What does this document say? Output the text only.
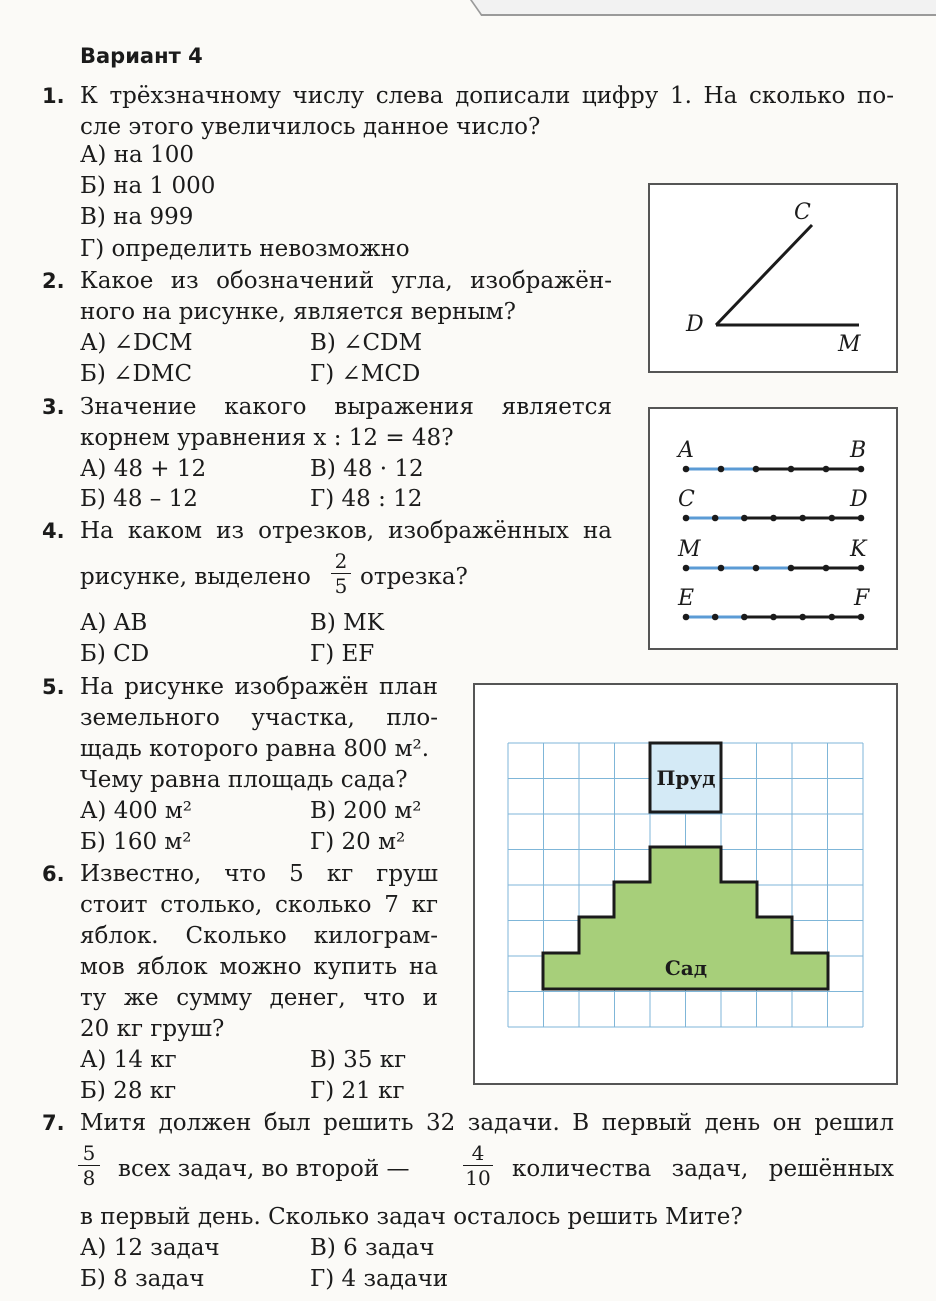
Вариант 4
1. К трёхзначному числу слева дописали цифру 1. На сколько по-
сле этого увеличилось данное число?
А) на 100
Б) на 1 000
В) на 999
Г) определить невозможно
2. Какое из обозначений угла, изображён-
ного на рисунке, является верным?
А) ∠DCM	В) ∠CDM
Б) ∠DMC	Г) ∠MCD
3. Значение какого выражения является
корнем уравнения x : 12 = 48?
А) 48 + 12	В) 48 · 12
Б) 48 – 12	Г) 48 : 12
4. На каком из отрезков, изображённых на
рисунке, выделено
2
5 отрезка?
А) AB	В) MK
Б) CD	Г) EF
5. На рисунке изображён план
земельного участка, пло-
щадь которого равна 800 м².
Чему равна площадь сада?
А) 400 м²	В) 200 м²
Б) 160 м²	Г) 20 м²
6. Известно, что 5 кг груш
стоит столько, сколько 7 кг
яблок. Сколько килограм-
мов яблок можно купить на
ту же сумму денег, что и
20 кг груш?
А) 14 кг	В) 35 кг
Б) 28 кг	Г) 21 кг
7. Митя должен был решить 32 задачи. В первый день он решил
5
8 всех задач, во второй —
4
10 количества задач, решённых
в первый день. Сколько задач осталось решить Мите?
А) 12 задач	В) 6 задач
Б) 8 задач	Г) 4 задачи
C
D
M
A	B
C	D
M	K
E	F
Пруд
Сад
